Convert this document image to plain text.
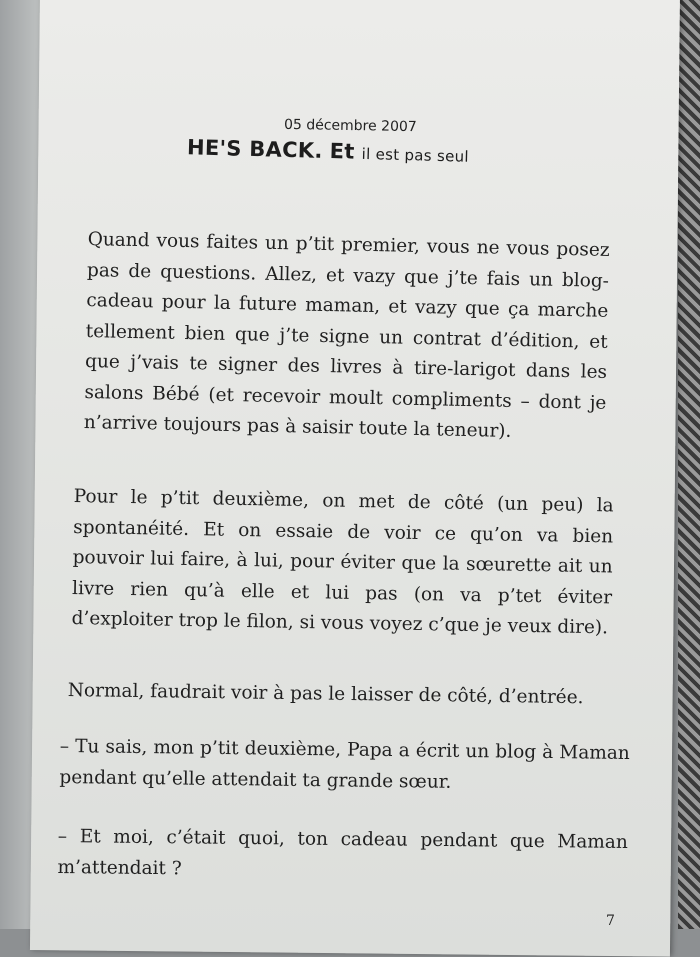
05 décembre 2007
HE'S BACK. Et il est pas seul
Quand vous faites un p’tit premier, vous ne vous posez pas de questions. Allez, et vazy que j’te fais un blog-cadeau pour la future maman, et vazy que ça marche tellement bien que j’te signe un contrat d’édition, et que j’vais te signer des livres à tire-larigot dans les salons Bébé (et recevoir moult compliments – dont je n’arrive toujours pas à saisir toute la teneur).
Pour le p’tit deuxième, on met de côté (un peu) la spontanéité. Et on essaie de voir ce qu’on va bien pouvoir lui faire, à lui, pour éviter que la sœurette ait un livre rien qu’à elle et lui pas (on va p’tet éviter d’exploiter trop le filon, si vous voyez c’que je veux dire).
Normal, faudrait voir à pas le laisser de côté, d’entrée.
– Tu sais, mon p’tit deuxième, Papa a écrit un blog à Maman pendant qu’elle attendait ta grande sœur.
– Et moi, c’était quoi, ton cadeau pendant que Maman m’attendait ?
7
